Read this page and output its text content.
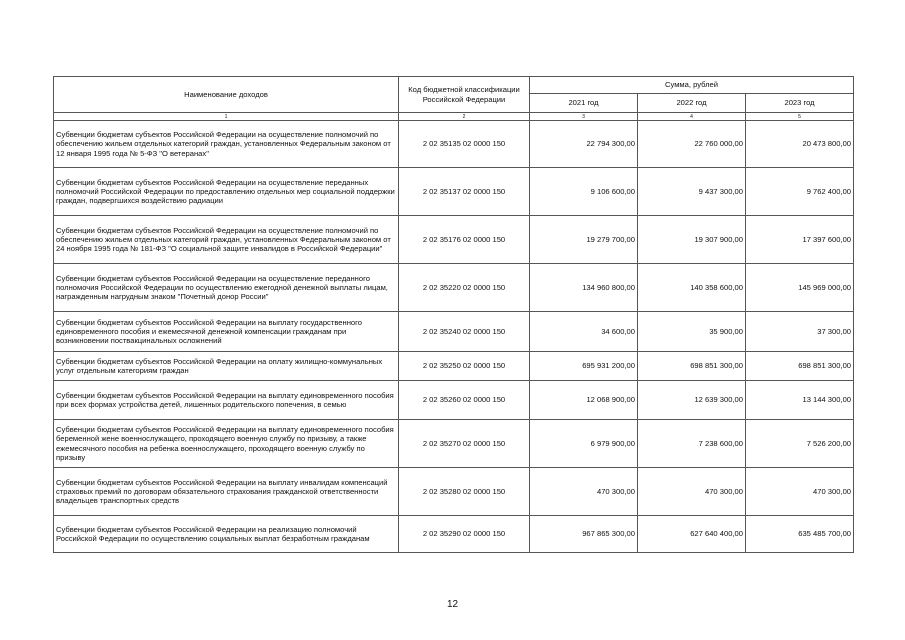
Наименование доходов	Код бюджетной классификации Российской Федерации	Сумма, рублей		
		2021 год	2022 год	2023 год
1	2	3	4	5
Субвенции бюджетам субъектов Российской Федерации на осуществление полномочий по обеспечению жильем отдельных категорий граждан, установленных Федеральным законом от 12 января 1995 года № 5-ФЗ "О ветеранах"	2 02 35135 02 0000 150	22 794 300,00	22 760 000,00	20 473 800,00
Субвенции бюджетам субъектов Российской Федерации на осуществление переданных полномочий Российской Федерации по предоставлению отдельных мер социальной поддержки граждан, подвергшихся воздействию радиации	2 02 35137 02 0000 150	9 106 600,00	9 437 300,00	9 762 400,00
Субвенции бюджетам субъектов Российской Федерации на осуществление полномочий по обеспечению жильем отдельных категорий граждан, установленных Федеральным законом от 24 ноября 1995 года № 181-ФЗ "О социальной защите инвалидов в Российской Федерации"	2 02 35176 02 0000 150	19 279 700,00	19 307 900,00	17 397 600,00
Субвенции бюджетам субъектов Российской Федерации на осуществление переданного полномочия Российской Федерации по осуществлению ежегодной денежной выплаты лицам, награжденным нагрудным знаком "Почетный донор России"	2 02 35220 02 0000 150	134 960 800,00	140 358 600,00	145 969 000,00
Субвенции бюджетам субъектов Российской Федерации на выплату государственного единовременного пособия и ежемесячной денежной компенсации гражданам при возникновении поствакцинальных осложнений	2 02 35240 02 0000 150	34 600,00	35 900,00	37 300,00
Субвенции бюджетам субъектов Российской Федерации на оплату жилищно-коммунальных услуг отдельным категориям граждан	2 02 35250 02 0000 150	695 931 200,00	698 851 300,00	698 851 300,00
Субвенции бюджетам субъектов Российской Федерации на выплату единовременного пособия при всех формах устройства детей, лишенных родительского попечения, в семью	2 02 35260 02 0000 150	12 068 900,00	12 639 300,00	13 144 300,00
Субвенции бюджетам субъектов Российской Федерации на выплату единовременного пособия беременной жене военнослужащего, проходящего военную службу по призыву, а также ежемесячного пособия на ребенка военнослужащего, проходящего военную службу по призыву	2 02 35270 02 0000 150	6 979 900,00	7 238 600,00	7 526 200,00
Субвенции бюджетам субъектов Российской Федерации на выплату инвалидам компенсаций страховых премий по договорам обязательного страхования гражданской ответственности владельцев транспортных средств	2 02 35280 02 0000 150	470 300,00	470 300,00	470 300,00
Субвенции бюджетам субъектов Российской Федерации на реализацию полномочий Российской Федерации по осуществлению социальных выплат безработным гражданам	2 02 35290 02 0000 150	967 865 300,00	627 640 400,00	635 485 700,00
12
